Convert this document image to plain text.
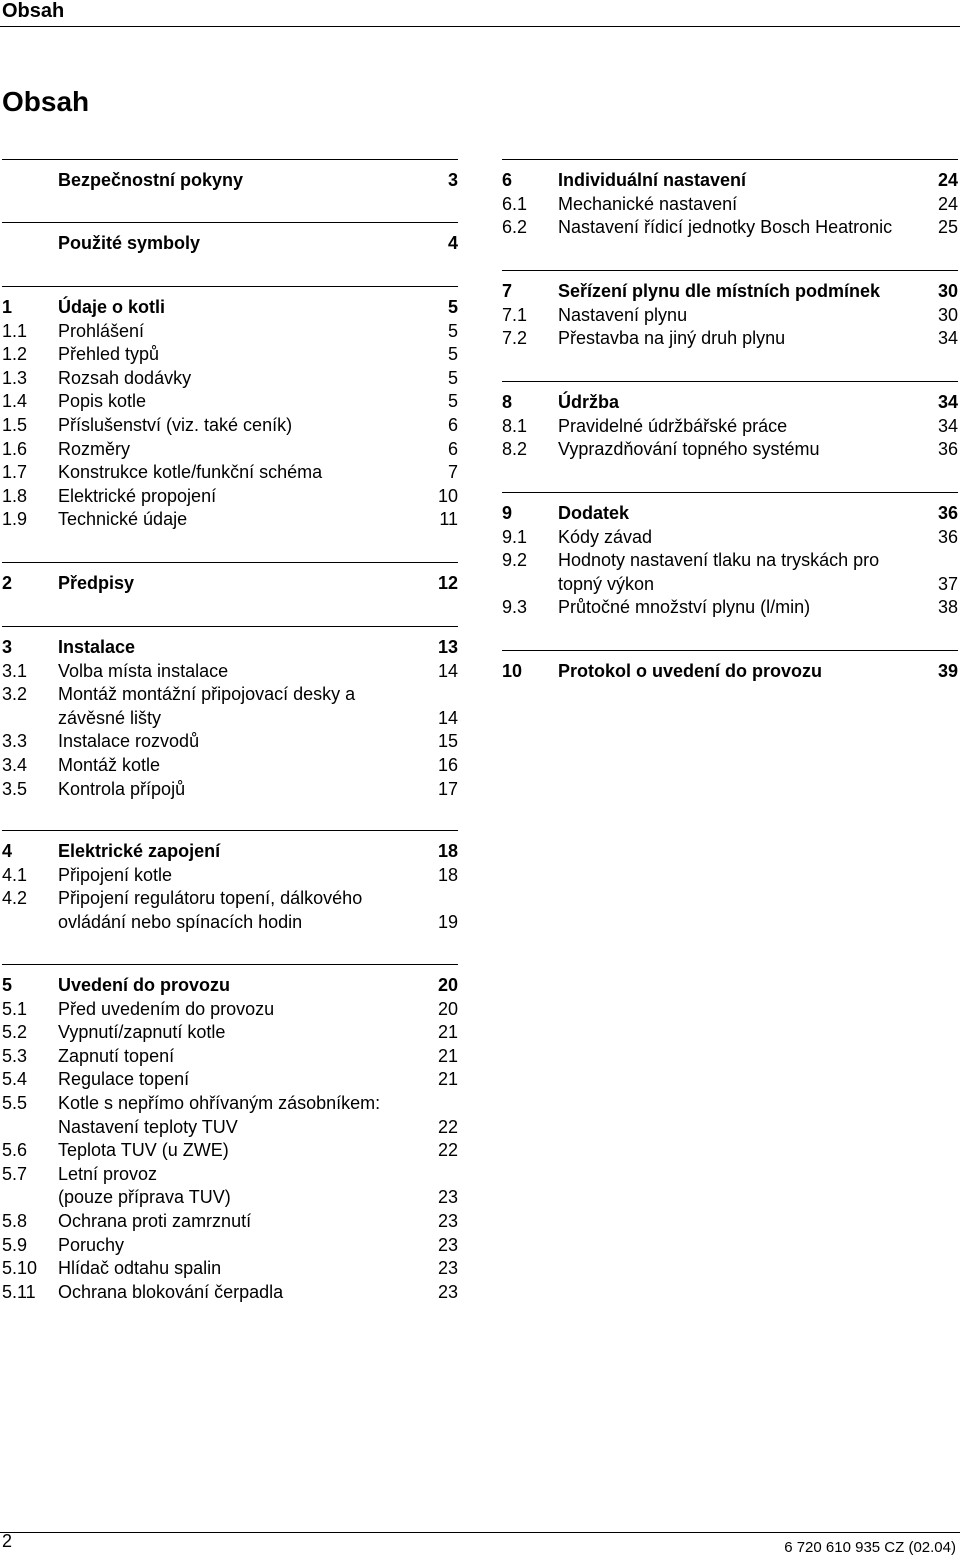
Obsah
Obsah
Bezpečnostní pokyny	3
Použité symboly	4
1	Údaje o kotli	5
1.1	Prohlášení	5
1.2	Přehled typů	5
1.3	Rozsah dodávky	5
1.4	Popis kotle	5
1.5	Příslušenství (viz. také ceník)	6
1.6	Rozměry	6
1.7	Konstrukce kotle/funkční schéma	7
1.8	Elektrické propojení	10
1.9	Technické údaje	11
2	Předpisy	12
3	Instalace	13
3.1	Volba místa instalace	14
3.2	Montáž montážní připojovací desky a
závěsné lišty	14
3.3	Instalace rozvodů	15
3.4	Montáž kotle	16
3.5	Kontrola přípojů	17
4	Elektrické zapojení	18
4.1	Připojení kotle	18
4.2	Připojení regulátoru topení, dálkového
ovládání nebo spínacích hodin	19
5	Uvedení do provozu	20
5.1	Před uvedením do provozu	20
5.2	Vypnutí/zapnutí kotle	21
5.3	Zapnutí topení	21
5.4	Regulace topení	21
5.5	Kotle s nepřímo ohřívaným zásobníkem:
Nastavení teploty TUV	22
5.6	Teplota TUV (u ZWE)	22
5.7	Letní provoz
(pouze příprava TUV)	23
5.8	Ochrana proti zamrznutí	23
5.9	Poruchy	23
5.10	Hlídač odtahu spalin	23
5.11	Ochrana blokování čerpadla	23
6	Individuální nastavení	24
6.1	Mechanické nastavení	24
6.2	Nastavení řídicí jednotky Bosch Heatronic	25
7	Seřízení plynu dle místních podmínek	30
7.1	Nastavení plynu	30
7.2	Přestavba na jiný druh plynu	34
8	Údržba	34
8.1	Pravidelné údržbářské práce	34
8.2	Vyprazdňování topného systému	36
9	Dodatek	36
9.1	Kódy závad	36
9.2	Hodnoty nastavení tlaku na tryskách pro
topný výkon	37
9.3	Průtočné množství plynu (l/min)	38
10	Protokol o uvedení do provozu	39
2	6 720 610 935 CZ (02.04)
